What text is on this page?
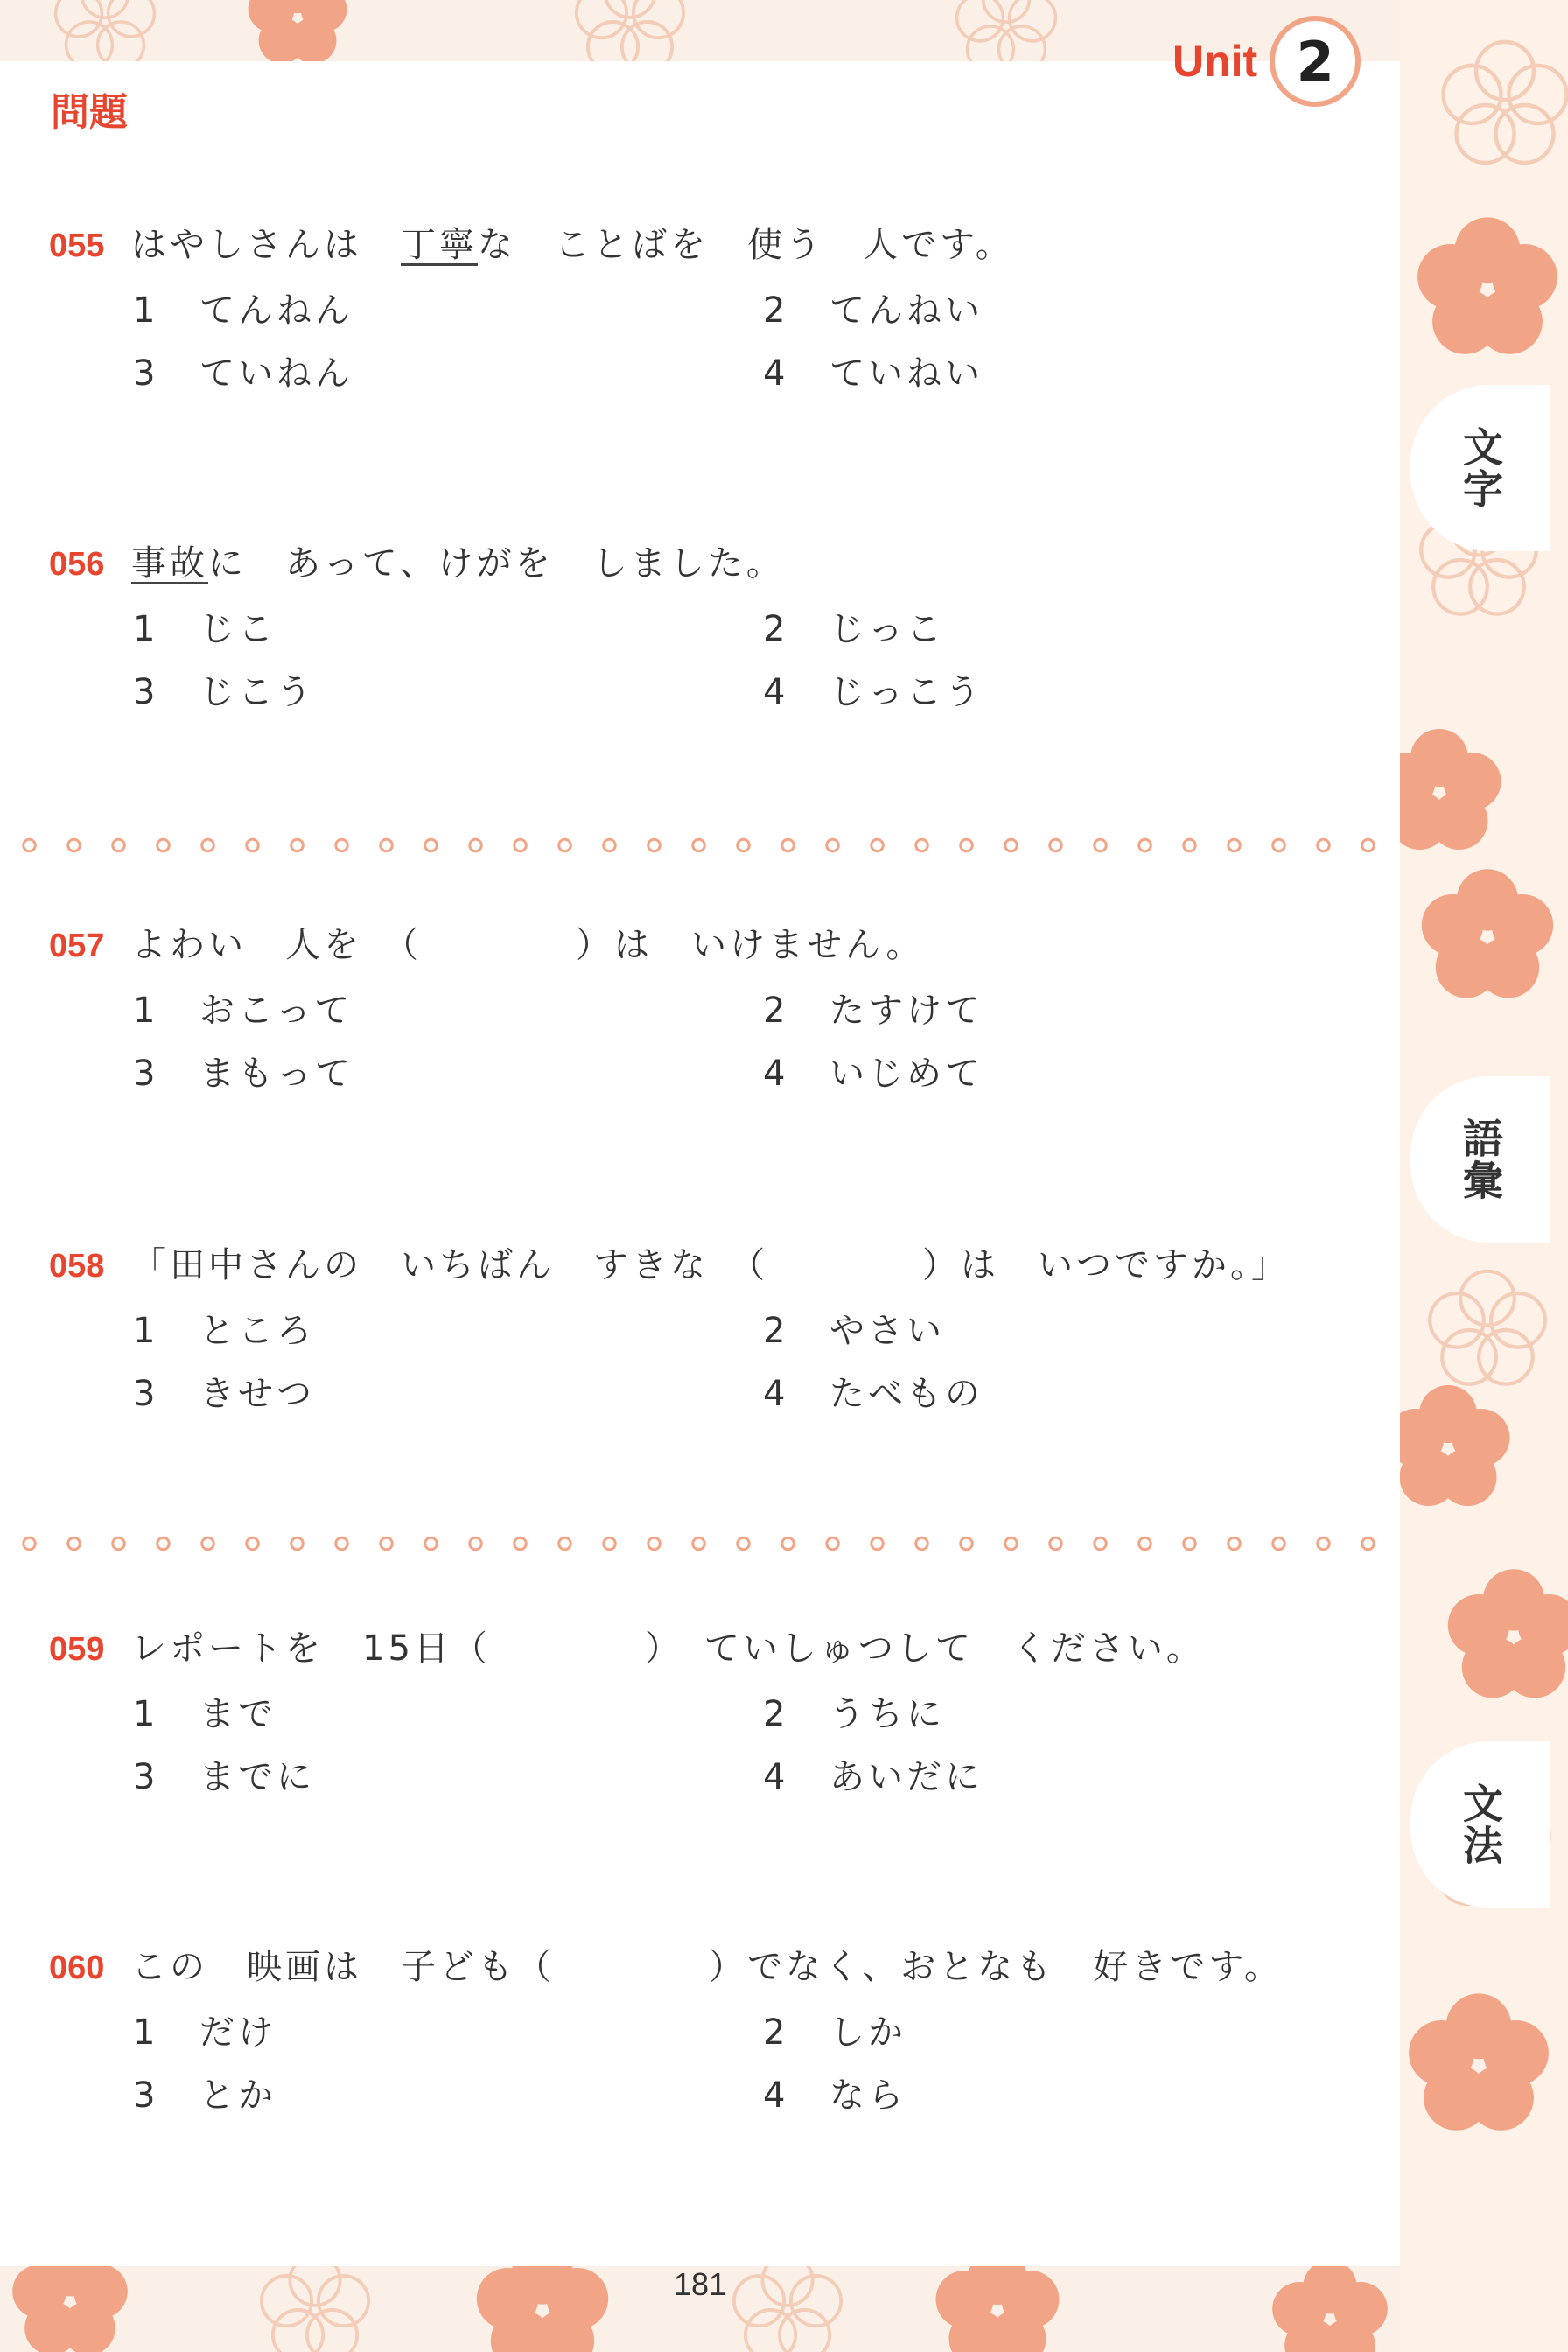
Unit 2
問題
文字
語彙
文法
055 はやしさんは　丁寧な　ことばを　使う　人です。
1	てんねん	2	てんねい
3	ていねん	4	ていねい
056 事故に　あって、けがを　しました。
1	じこ	2	じっこ
3	じこう	4	じっこう
057 よわい　人を　（　　　　）は　いけません。
1	おこって	2	たすけて
3	まもって	4	いじめて
058 「田中さんの　いちばん　すきな　（　　　　）は　いつですか。」
1	ところ	2	やさい
3	きせつ	4	たべもの
059 レポートを　15日（　　　　）　ていしゅつして　ください。
1	まで	2	うちに
3	までに	4	あいだに
060 この　映画は　子ども（　　　　）でなく、おとなも　好きです。
1	だけ	2	しか
3	とか	4	なら
181
